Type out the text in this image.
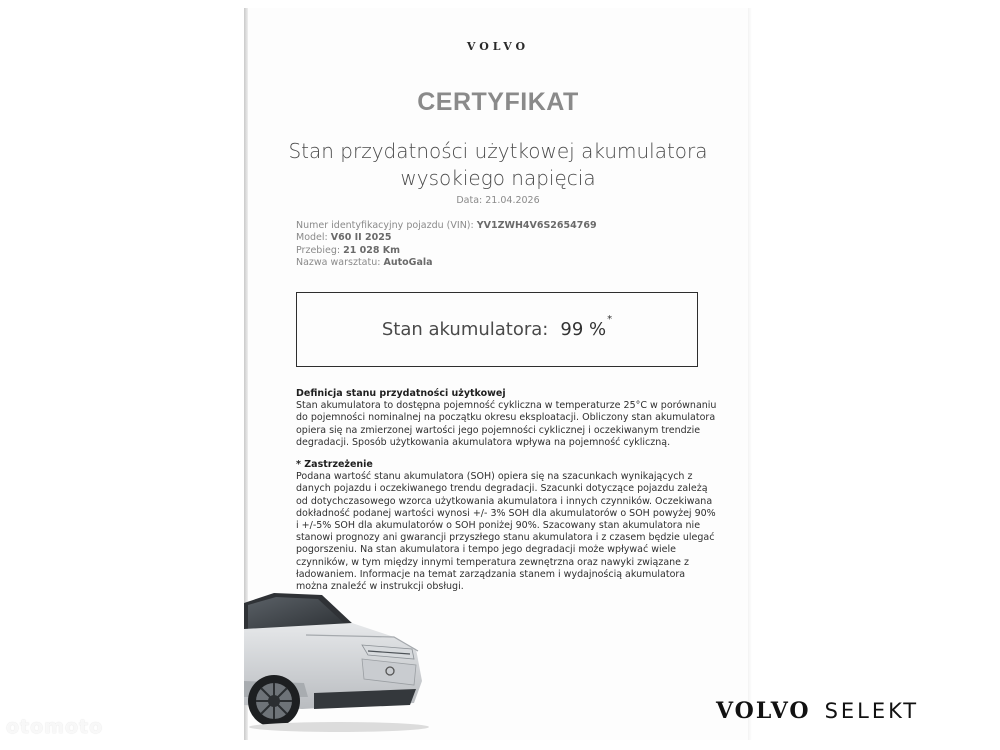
VOLVO
CERTYFIKAT
Stan przydatności użytkowej akumulatora
wysokiego napięcia
Data: 21.04.2026
Numer identyfikacyjny pojazdu (VIN): YV1ZWH4V6S2654769
Model: V60 II 2025
Przebieg: 21 028 Km
Nazwa warsztatu: AutoGala
Stan akumulatora: 99 %*
Definicja stanu przydatności użytkowej

Stan akumulatora to dostępna pojemność cykliczna w temperaturze 25°C w porównaniu do pojemności nominalnej na początku okresu eksploatacji. Obliczony stan akumulatora opiera się na zmierzonej wartości jego pojemności cyklicznej i oczekiwanym trendzie degradacji. Sposób użytkowania akumulatora wpływa na pojemność cykliczną.

* Zastrzeżenie

Podana wartość stanu akumulatora (SOH) opiera się na szacunkach wynikających z danych pojazdu i oczekiwanego trendu degradacji. Szacunki dotyczące pojazdu zależą od dotychczasowego wzorca użytkowania akumulatora i innych czynników. Oczekiwana dokładność podanej wartości wynosi +/- 3% SOH dla akumulatorów o SOH powyżej 90% i +/-5% SOH dla akumulatorów o SOH poniżej 90%. Szacowany stan akumulatora nie stanowi prognozy ani gwarancji przyszłego stanu akumulatora i z czasem będzie ulegać pogorszeniu. Na stan akumulatora i tempo jego degradacji może wpływać wiele czynników, w tym między innymi temperatura zewnętrzna oraz nawyki związane z ładowaniem. Informacje na temat zarządzania stanem i wydajnością akumulatora można znaleźć w instrukcji obsługi.

otomoto
VOLVO SELEKT
